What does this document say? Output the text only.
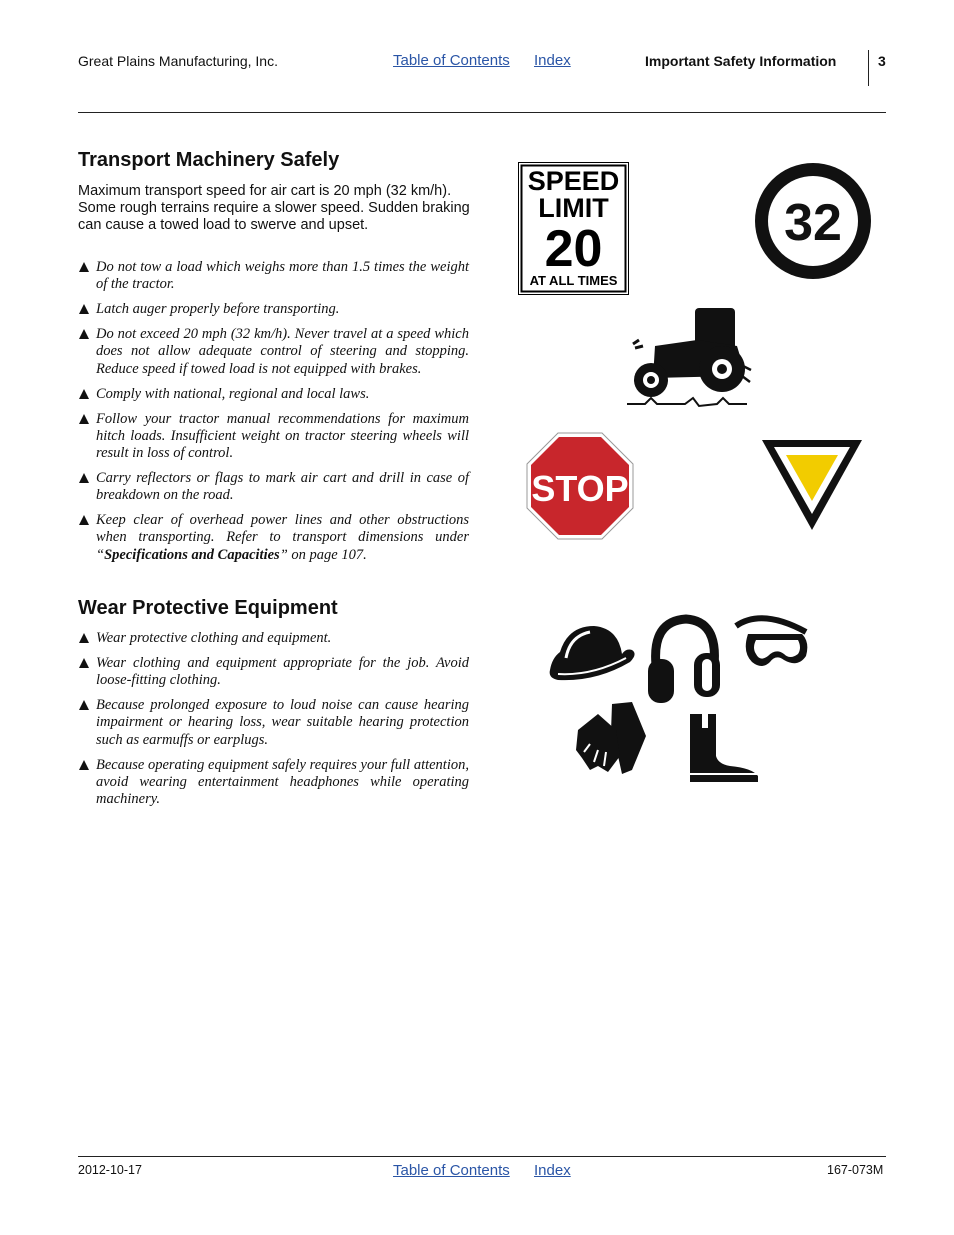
Great Plains Manufacturing, Inc.	Table of Contents Index	Important Safety Information	3
Transport Machinery Safely
Maximum transport speed for air cart is 20 mph (32 km/h). Some rough terrains require a slower speed. Sudden braking can cause a towed load to swerve and upset.
Do not tow a load which weighs more than 1.5 times the weight of the tractor.
Latch auger properly before transporting.
Do not exceed 20 mph (32 km/h). Never travel at a speed which does not allow adequate control of steering and stopping. Reduce speed if towed load is not equipped with brakes.
Comply with national, regional and local laws.
Follow your tractor manual recommendations for maximum hitch loads. Insufficient weight on tractor steering wheels will result in loss of control.
Carry reflectors or flags to mark air cart and drill in case of breakdown on the road.
Keep clear of overhead power lines and other obstructions when transporting. Refer to transport dimensions under “Specifications and Capacities” on page 107.
Wear Protective Equipment
Wear protective clothing and equipment.
Wear clothing and equipment appropriate for the job. Avoid loose-fitting clothing.
Because prolonged exposure to loud noise can cause hearing impairment or hearing loss, wear suitable hearing protection such as earmuffs or earplugs.
Because operating equipment safely requires your full attention, avoid wearing entertainment headphones while operating machinery.
SPEED
LIMIT
20
AT ALL TIMES
32
STOP
2012-10-17	Table of Contents Index	167-073M
